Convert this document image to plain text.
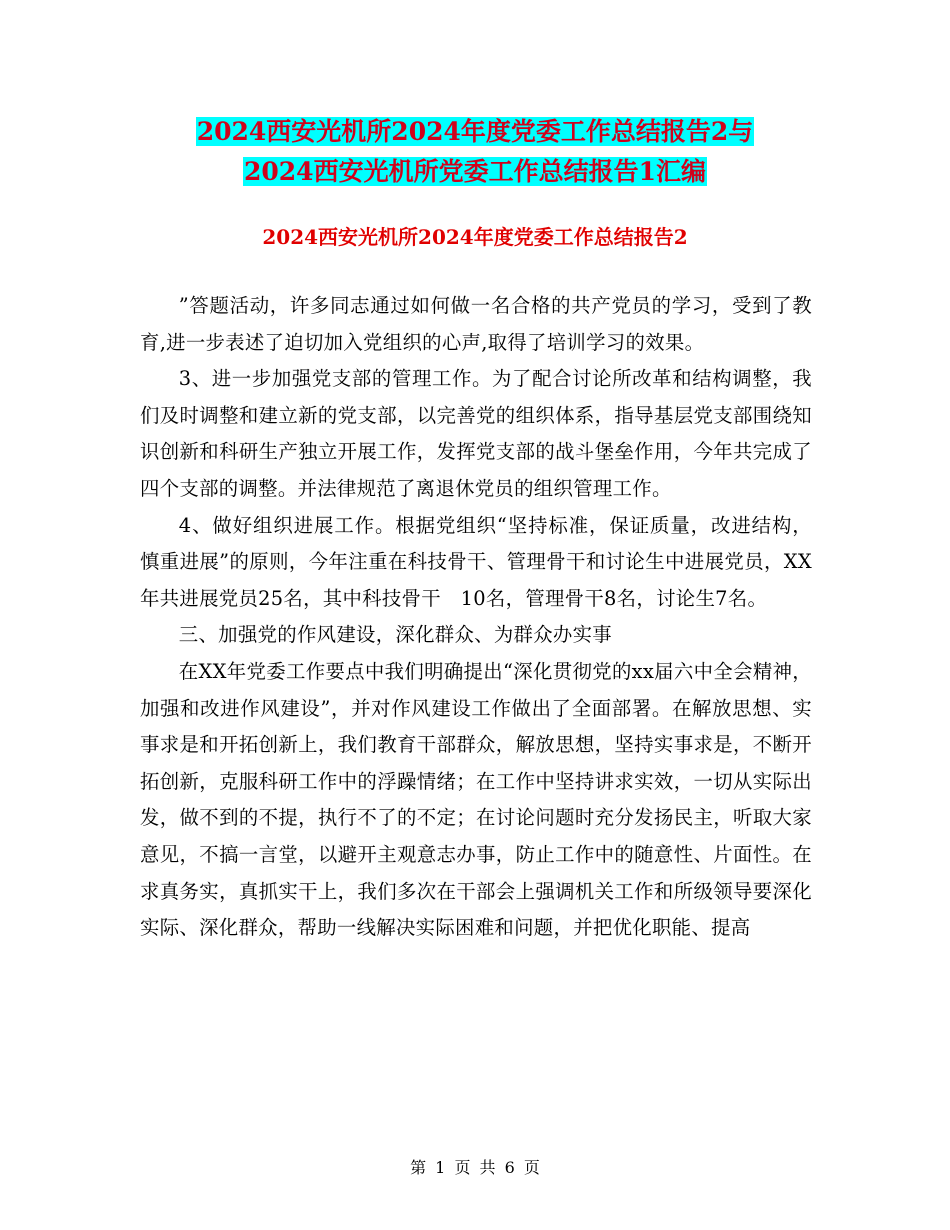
2024西安光机所2024年度党委工作总结报告2与
2024西安光机所党委工作总结报告1汇编
2024西安光机所2024年度党委工作总结报告2

”答题活动，许多同志通过如何做一名合格的共产党员的学习，受到了教育,进一步表述了迫切加入党组织的心声,取得了培训学习的效果。

3、进一步加强党支部的管理工作。为了配合讨论所改革和结构调整，我们及时调整和建立新的党支部，以完善党的组织体系，指导基层党支部围绕知识创新和科研生产独立开展工作，发挥党支部的战斗堡垒作用，今年共完成了四个支部的调整。并法律规范了离退休党员的组织管理工作。

4、做好组织进展工作。根据党组织“坚持标准，保证质量，改进结构，慎重进展”的原则，今年注重在科技骨干、管理骨干和讨论生中进展党员，XX年共进展党员25名，其中科技骨干　10名，管理骨干8名，讨论生7名。

三、加强党的作风建设，深化群众、为群众办实事

在XX年党委工作要点中我们明确提出“深化贯彻党的xx届六中全会精神，加强和改进作风建设”，并对作风建设工作做出了全面部署。在解放思想、实事求是和开拓创新上，我们教育干部群众，解放思想，坚持实事求是，不断开拓创新，克服科研工作中的浮躁情绪；在工作中坚持讲求实效，一切从实际出发，做不到的不提，执行不了的不定；在讨论问题时充分发扬民主，听取大家意见，不搞一言堂，以避开主观意志办事，防止工作中的随意性、片面性。在求真务实，真抓实干上，我们多次在干部会上强调机关工作和所级领导要深化实际、深化群众，帮助一线解决实际困难和问题，并把优化职能、提高

第 1 页 共 6 页
